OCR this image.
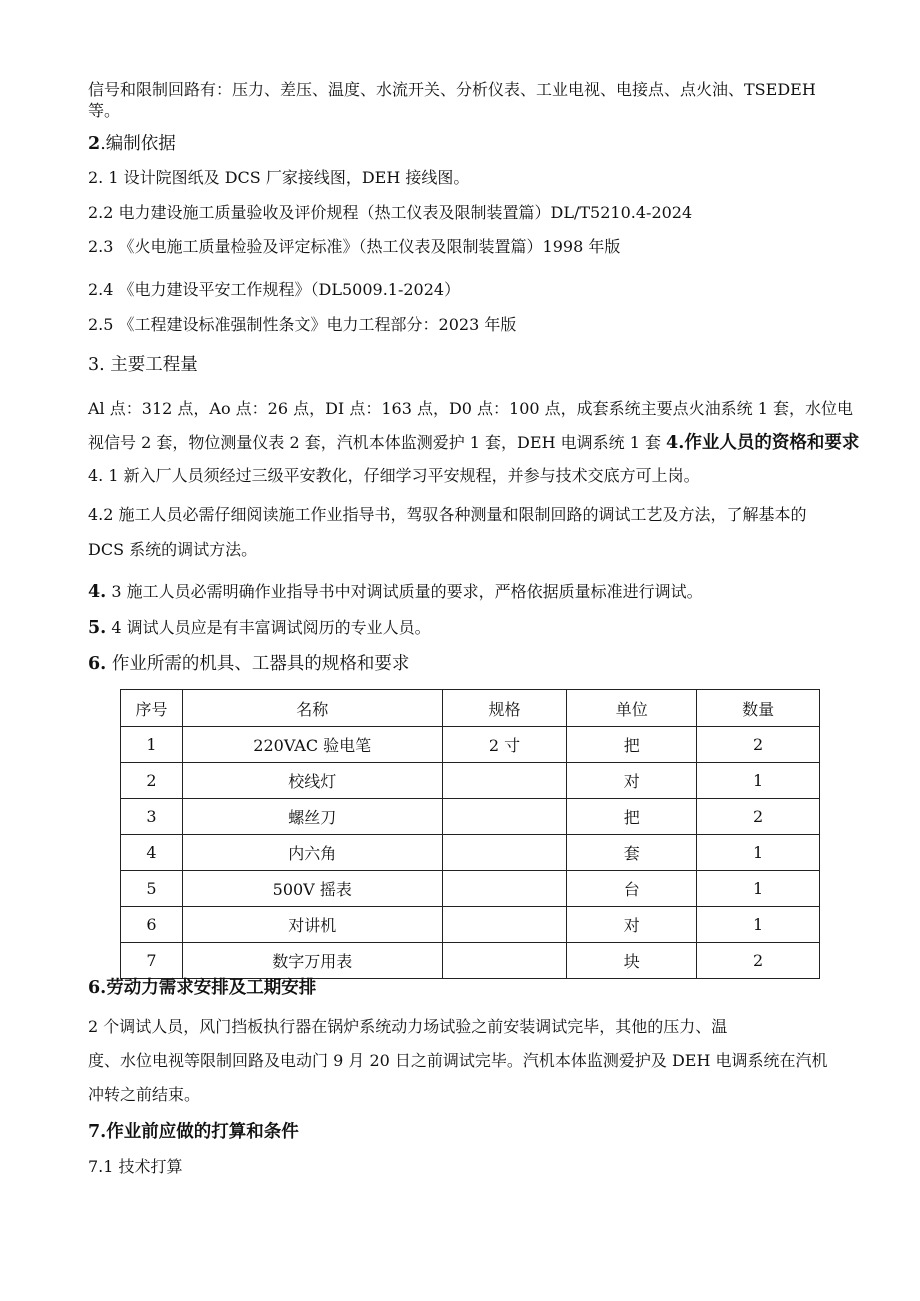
信号和限制回路有：压力、差压、温度、水流开关、分析仪表、工业电视、电接点、点火油、TSEDEH
等。
2.编制依据
2. 1 设计院图纸及 DCS 厂家接线图，DEH 接线图。
2.2 电力建设施工质量验收及评价规程（热工仪表及限制装置篇）DL/T5210.4-2024
2.3 《火电施工质量检验及评定标准》（热工仪表及限制装置篇）1998 年版
2.4 《电力建设平安工作规程》（DL5009.1-2024）
2.5 《工程建设标准强制性条文》电力工程部分：2023 年版
3. 主要工程量
Al 点：312 点，Ao 点：26 点，DI 点：163 点，D0 点：100 点，成套系统主要点火油系统 1 套，水位电
视信号 2 套，物位测量仪表 2 套，汽机本体监测爱护 1 套，DEH 电调系统 1 套 4.作业人员的资格和要求
4. 1 新入厂人员须经过三级平安教化，仔细学习平安规程，并参与技术交底方可上岗。
4.2 施工人员必需仔细阅读施工作业指导书，驾驭各种测量和限制回路的调试工艺及方法，了解基本的
DCS 系统的调试方法。
4. 3 施工人员必需明确作业指导书中对调试质量的要求，严格依据质量标准进行调试。
5. 4 调试人员应是有丰富调试阅历的专业人员。
6. 作业所需的机具、工器具的规格和要求
序号	名称	规格	单位	数量
1	220VAC 验电笔	2 寸	把	2
2	校线灯		对	1
3	螺丝刀		把	2
4	内六角		套	1
5	500V 摇表		台	1
6	对讲机		对	1
7	数字万用表		块	2
6.劳动力需求安排及工期安排
2 个调试人员，风门挡板执行器在锅炉系统动力场试验之前安装调试完毕，其他的压力、温
度、水位电视等限制回路及电动门 9 月 20 日之前调试完毕。汽机本体监测爱护及 DEH 电调系统在汽机
冲转之前结束。
7.作业前应做的打算和条件
7.1 技术打算
